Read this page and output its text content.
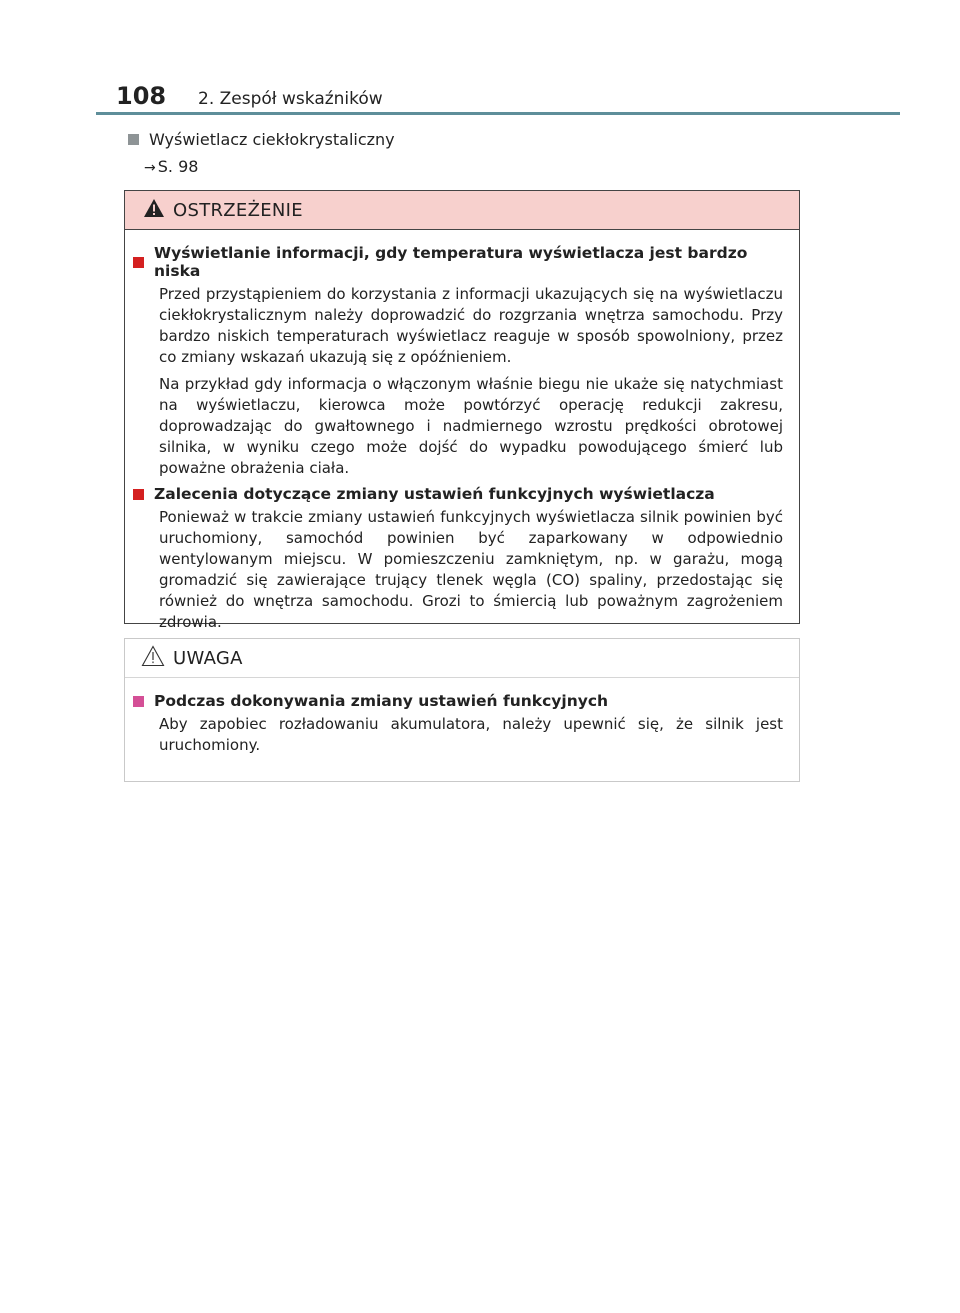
108	2. Zespół wskaźników
Wyświetlacz ciekłokrystaliczny
→ S. 98
OSTRZEŻENIE
Wyświetlanie informacji, gdy temperatura wyświetlacza jest bardzo niska

Przed przystąpieniem do korzystania z informacji ukazujących się na wyświetlaczu ciekłokrystalicznym należy doprowadzić do rozgrzania wnętrza samochodu. Przy bardzo niskich temperaturach wyświetlacz reaguje w sposób spowolniony, przez co zmiany wskazań ukazują się z opóźnieniem.

Na przykład gdy informacja o włączonym właśnie biegu nie ukaże się natychmiast na wyświetlaczu, kierowca może powtórzyć operację redukcji zakresu, doprowadzając do gwałtownego i nadmiernego wzrostu prędkości obrotowej silnika, w wyniku czego może dojść do wypadku powodującego śmierć lub poważne obrażenia ciała.

Zalecenia dotyczące zmiany ustawień funkcyjnych wyświetlacza

Ponieważ w trakcie zmiany ustawień funkcyjnych wyświetlacza silnik powinien być uruchomiony, samochód powinien być zaparkowany w odpowiednio wentylowanym miejscu. W pomieszczeniu zamkniętym, np. w garażu, mogą gromadzić się zawierające trujący tlenek węgla (CO) spaliny, przedostając się również do wnętrza samochodu. Grozi to śmiercią lub poważnym zagrożeniem zdrowia.

UWAGA
Podczas dokonywania zmiany ustawień funkcyjnych

Aby zapobiec rozładowaniu akumulatora, należy upewnić się, że silnik jest uruchomiony.
